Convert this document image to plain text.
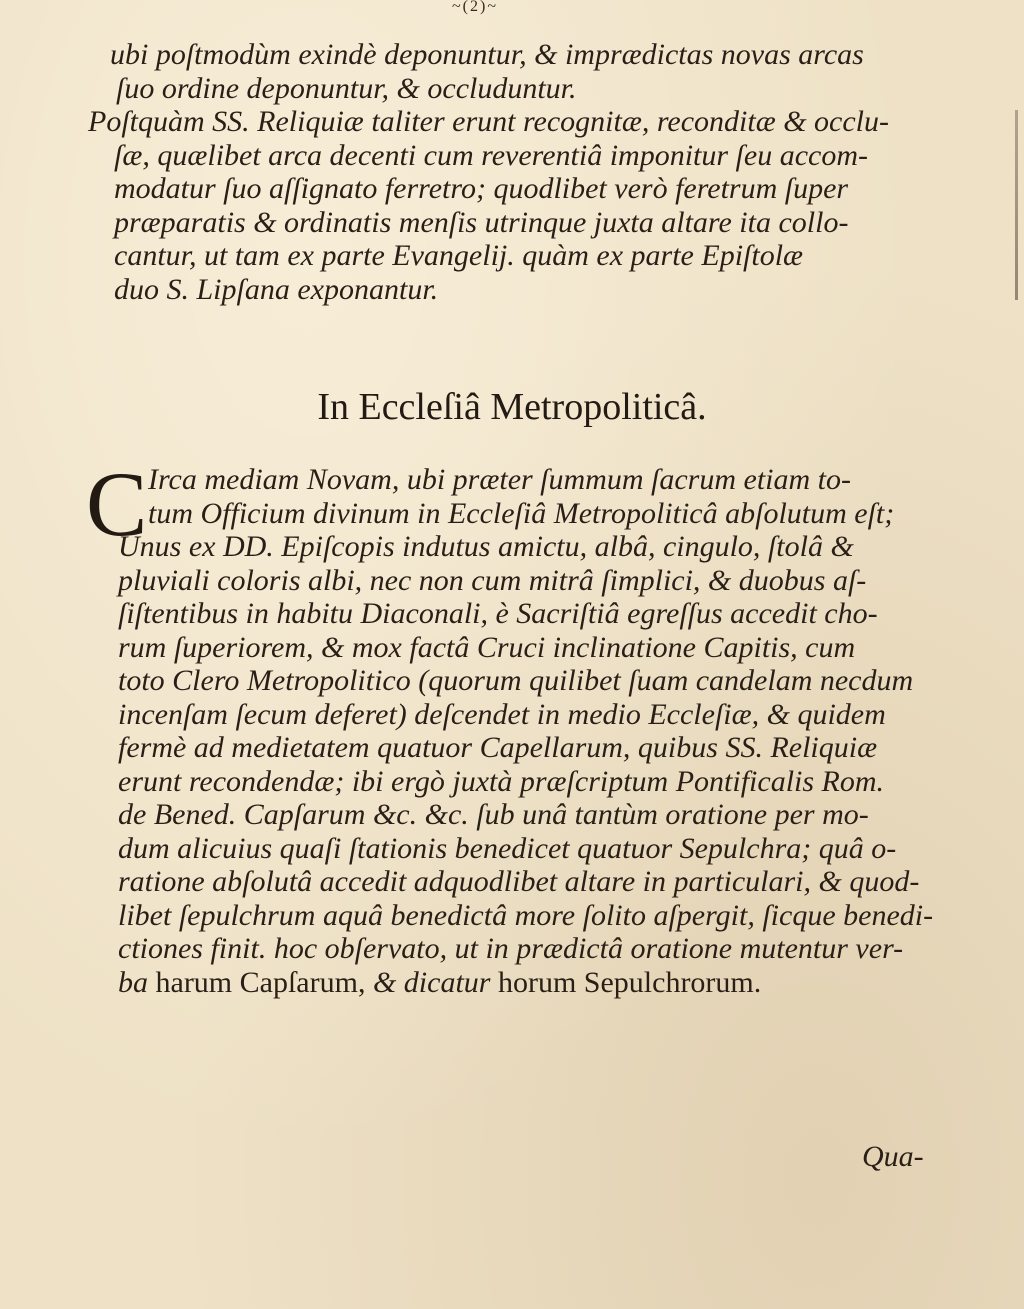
~(2)~
ubi poſtmodùm exindè deponuntur, & imprædictas novas arcas
ſuo ordine deponuntur, & occluduntur.
Poſtquàm SS. Reliquiæ taliter erunt recognitæ, reconditæ & occlu-
ſæ, quælibet arca decenti cum reverentiâ imponitur ſeu accom-
modatur ſuo aſſignato ferretro; quodlibet verò feretrum ſuper
præparatis & ordinatis menſis utrinque juxta altare ita collo-
cantur, ut tam ex parte Evangelij. quàm ex parte Epiſtolæ
duo S. Lipſana exponantur.
In Eccleſiâ Metropoliticâ.
C Irca mediam Novam, ubi præter ſummum ſacrum etiam to-
tum Officium divinum in Eccleſiâ Metropoliticâ abſolutum eſt;
Unus ex DD. Epiſcopis indutus amictu, albâ, cingulo, ſtolâ &
pluviali coloris albi, nec non cum mitrâ ſimplici, & duobus aſ-
ſiſtentibus in habitu Diaconali, è Sacriſtiâ egreſſus accedit cho-
rum ſuperiorem, & mox factâ Cruci inclinatione Capitis, cum
toto Clero Metropolitico (quorum quilibet ſuam candelam necdum
incenſam ſecum deferet) deſcendet in medio Eccleſiæ, & quidem
fermè ad medietatem quatuor Capellarum, quibus SS. Reliquiæ
erunt recondendæ; ibi ergò juxtà præſcriptum Pontificalis Rom.
de Bened. Capſarum &c. &c. ſub unâ tantùm oratione per mo-
dum alicuius quaſi ſtationis benedicet quatuor Sepulchra; quâ o-
ratione abſolutâ accedit adquodlibet altare in particulari, & quod-
libet ſepulchrum aquâ benedictâ more ſolito aſpergit, ſicque benedi-
ctiones finit. hoc obſervato, ut in prædictâ oratione mutentur ver-
ba harum Capſarum, & dicatur horum Sepulchrorum.
Qua-
